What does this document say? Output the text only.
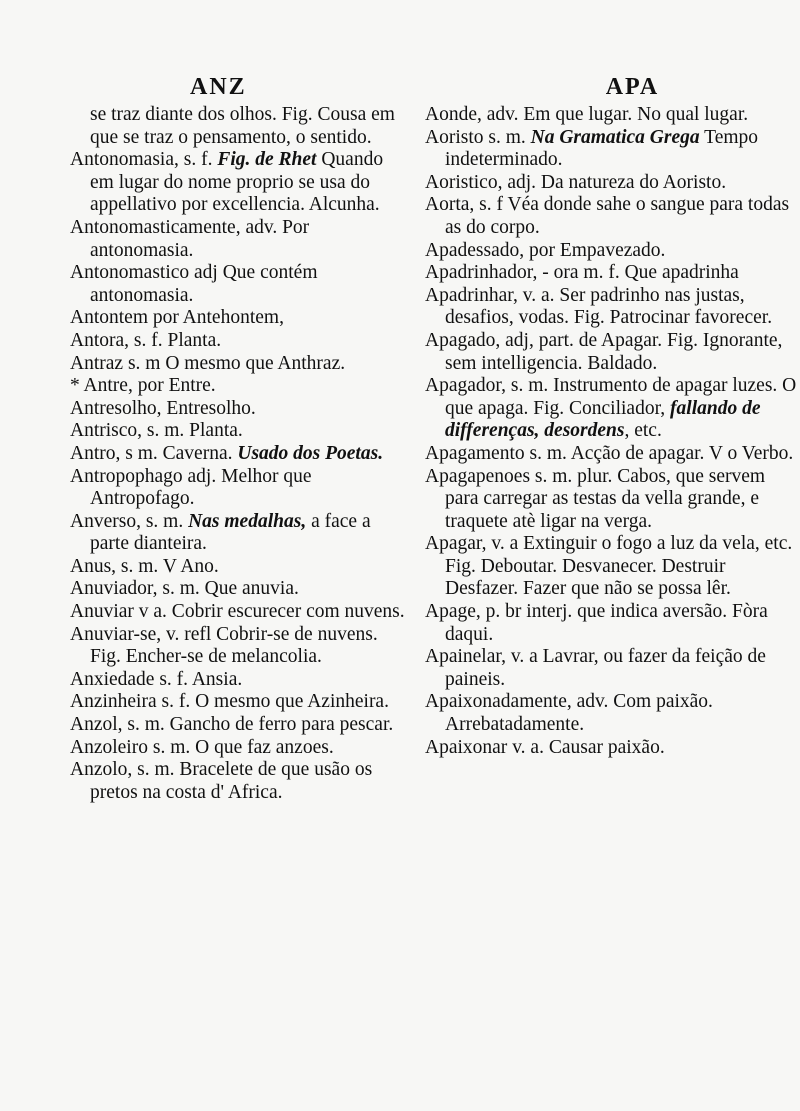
ANZ

se traz diante dos olhos. Fig. Cousa em que se traz o pensamento, o sentido.

Antonomasia, s. f. Fig. de Rhet Quando em lugar do nome proprio se usa do appellativo por excellencia. Alcunha.

Antonomasticamente, adv. Por antonomasia.

Antonomastico adj Que contém antonomasia.

Antontem por Antehontem,

Antora, s. f. Planta.

Antraz s. m O mesmo que Anthraz.

* Antre, por Entre.

Antresolho, Entresolho.

Antrisco, s. m. Planta.

Antro, s m. Caverna. Usado dos Poetas.

Antropophago adj. Melhor que Antropofago.

Anverso, s. m. Nas medalhas, a face a parte dianteira.

Anus, s. m. V Ano.

Anuviador, s. m. Que anuvia.

Anuviar v a. Cobrir escurecer com nuvens.

Anuviar-se, v. refl Cobrir-se de nuvens. Fig. Encher-se de melancolia.

Anxiedade s. f. Ansia.

Anzinheira s. f. O mesmo que Azinheira.

Anzol, s. m. Gancho de ferro para pescar.

Anzoleiro s. m. O que faz anzoes.

Anzolo, s. m. Bracelete de que usão os pretos na costa d' Africa.

APA

Aonde, adv. Em que lugar. No qual lugar.

Aoristo s. m. Na Gramatica Grega Tempo indeterminado.

Aoristico, adj. Da natureza do Aoristo.

Aorta, s. f Véa donde sahe o sangue para todas as do corpo.

Apadessado, por Empavezado.

Apadrinhador, - ora m. f. Que apadrinha

Apadrinhar, v. a. Ser padrinho nas justas, desafios, vodas. Fig. Patrocinar favorecer.

Apagado, adj, part. de Apagar. Fig. Ignorante, sem intelligencia. Baldado.

Apagador, s. m. Instrumento de apagar luzes. O que apaga. Fig. Conciliador, fallando de differenças, desordens, etc.

Apagamento s. m. Acção de apagar. V o Verbo.

Apagapenoes s. m. plur. Cabos, que servem para carregar as testas da vella grande, e traquete atè ligar na verga.

Apagar, v. a Extinguir o fogo a luz da vela, etc. Fig. Deboutar. Desvanecer. Destruir Desfazer. Fazer que não se possa lêr.

Apage, p. br interj. que indica aversão. Fòra daqui.

Apainelar, v. a Lavrar, ou fazer da feição de paineis.

Apaixonadamente, adv. Com paixão. Arrebatadamente.

Apaixonar v. a. Causar paixão.
